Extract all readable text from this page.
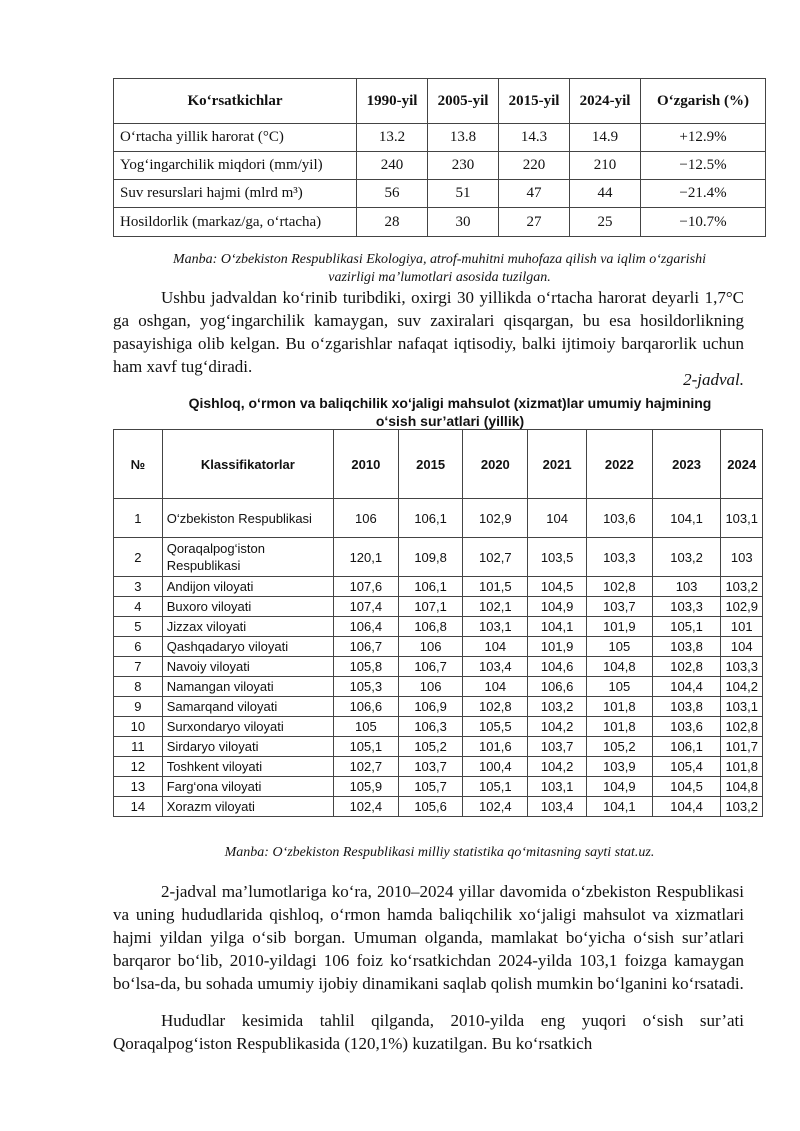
Ko‘rsatkichlar	1990-yil	2005-yil	2015-yil	2024-yil	O‘zgarish (%)
O‘rtacha yillik harorat (°C)	13.2	13.8	14.3	14.9	+12.9%
Yog‘ingarchilik miqdori (mm/yil)	240	230	220	210	−12.5%
Suv resurslari hajmi (mlrd m³)	56	51	47	44	−21.4%
Hosildorlik (markaz/ga, o‘rtacha)	28	30	27	25	−10.7%
Manba: O‘zbekiston Respublikasi Ekologiya, atrof-muhitni muhofaza qilish va iqlim o‘zgarishi
vazirligi ma’lumotlari asosida tuzilgan.

Ushbu jadvaldan ko‘rinib turibdiki, oxirgi 30 yillikda o‘rtacha harorat deyarli 1,7°C ga oshgan, yog‘ingarchilik kamaygan, suv zaxiralari qisqargan, bu esa hosildorlikning pasayishiga olib kelgan. Bu o‘zgarishlar nafaqat iqtisodiy, balki ijtimoiy barqarorlik uchun ham xavf tug‘diradi.

2-jadval.
Qishloq, o‘rmon va baliqchilik xo‘jaligi mahsulot (xizmat)lar umumiy hajmining
o‘sish sur’atlari (yillik)
№	Klassifikatorlar	2010	2015	2020	2021	2022	2023	2024
1	O‘zbekiston Respublikasi	106	106,1	102,9	104	103,6	104,1	103,1
2	Qoraqalpog‘iston Respublikasi	120,1	109,8	102,7	103,5	103,3	103,2	103
3	Andijon viloyati	107,6	106,1	101,5	104,5	102,8	103	103,2
4	Buxoro viloyati	107,4	107,1	102,1	104,9	103,7	103,3	102,9
5	Jizzax viloyati	106,4	106,8	103,1	104,1	101,9	105,1	101
6	Qashqadaryo viloyati	106,7	106	104	101,9	105	103,8	104
7	Navoiy viloyati	105,8	106,7	103,4	104,6	104,8	102,8	103,3
8	Namangan viloyati	105,3	106	104	106,6	105	104,4	104,2
9	Samarqand viloyati	106,6	106,9	102,8	103,2	101,8	103,8	103,1
10	Surxondaryo viloyati	105	106,3	105,5	104,2	101,8	103,6	102,8
11	Sirdaryo viloyati	105,1	105,2	101,6	103,7	105,2	106,1	101,7
12	Toshkent viloyati	102,7	103,7	100,4	104,2	103,9	105,4	101,8
13	Farg‘ona viloyati	105,9	105,7	105,1	103,1	104,9	104,5	104,8
14	Xorazm viloyati	102,4	105,6	102,4	103,4	104,1	104,4	103,2
Manba: O‘zbekiston Respublikasi milliy statistika qo‘mitasning sayti stat.uz.

2-jadval ma’lumotlariga ko‘ra, 2010–2024 yillar davomida o‘zbekiston Respublikasi va uning hududlarida qishloq, o‘rmon hamda baliqchilik xo‘jaligi mahsulot va xizmatlari hajmi yildan yilga o‘sib borgan. Umuman olganda, mamlakat bo‘yicha o‘sish sur’atlari barqaror bo‘lib, 2010-yildagi 106 foiz ko‘rsatkichdan 2024-yilda 103,1 foizga kamaygan bo‘lsa-da, bu sohada umumiy ijobiy dinamikani saqlab qolish mumkin bo‘lganini ko‘rsatadi.

Hududlar kesimida tahlil qilganda, 2010-yilda eng yuqori o‘sish sur’ati Qoraqalpog‘iston Respublikasida (120,1%) kuzatilgan. Bu ko‘rsatkich
